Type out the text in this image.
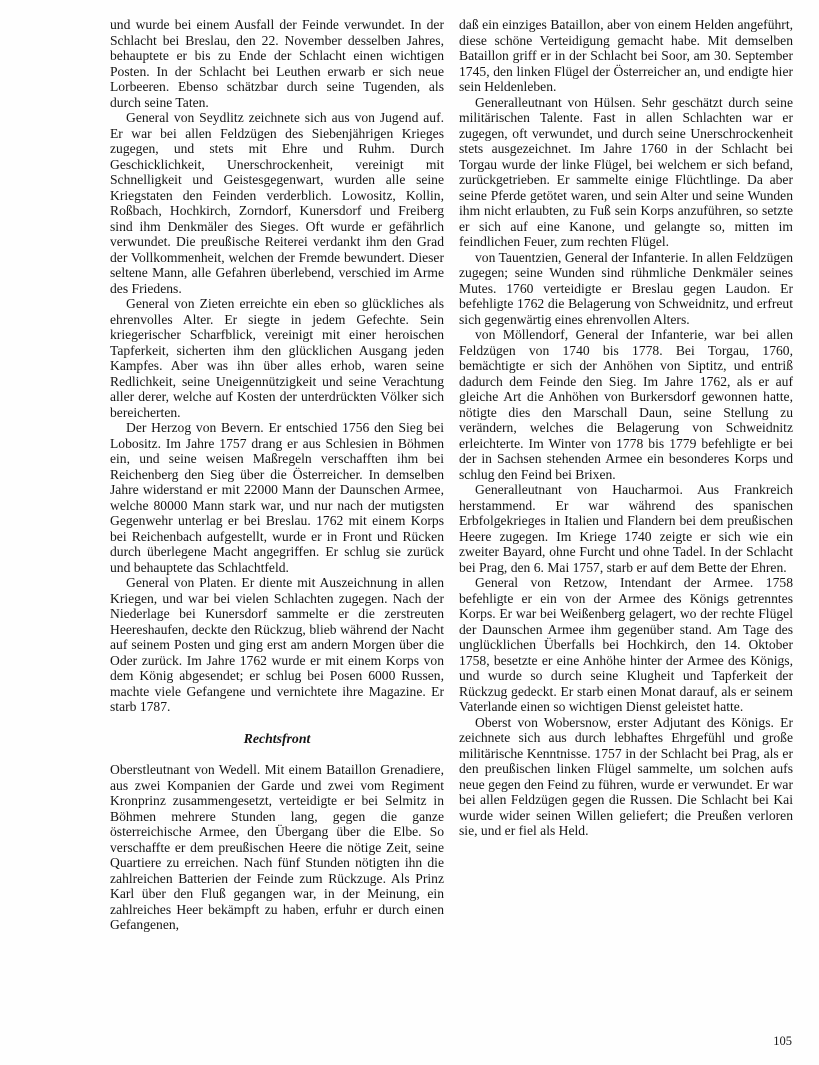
und wurde bei einem Ausfall der Feinde verwundet. In der Schlacht bei Breslau, den 22. November desselben Jahres, behauptete er bis zu Ende der Schlacht einen wichtigen Posten. In der Schlacht bei Leuthen erwarb er sich neue Lorbeeren. Ebenso schätzbar durch seine Tugenden, als durch seine Taten.

General von Seydlitz zeichnete sich aus von Jugend auf. Er war bei allen Feldzügen des Siebenjährigen Krieges zugegen, und stets mit Ehre und Ruhm. Durch Geschicklichkeit, Unerschrockenheit, vereinigt mit Schnelligkeit und Geistesgegenwart, wurden alle seine Kriegstaten den Feinden verderblich. Lowositz, Kollin, Roßbach, Hochkirch, Zorndorf, Kunersdorf und Freiberg sind ihm Denkmäler des Sieges. Oft wurde er gefährlich verwundet. Die preußische Reiterei verdankt ihm den Grad der Vollkommenheit, welchen der Fremde bewundert. Dieser seltene Mann, alle Gefahren überlebend, verschied im Arme des Friedens.

General von Zieten erreichte ein eben so glückliches als ehrenvolles Alter. Er siegte in jedem Gefechte. Sein kriegerischer Scharfblick, vereinigt mit einer heroischen Tapferkeit, sicherten ihm den glücklichen Ausgang jeden Kampfes. Aber was ihn über alles erhob, waren seine Redlichkeit, seine Uneigennützigkeit und seine Verachtung aller derer, welche auf Kosten der unterdrückten Völker sich bereicherten.

Der Herzog von Bevern. Er entschied 1756 den Sieg bei Lobositz. Im Jahre 1757 drang er aus Schlesien in Böhmen ein, und seine weisen Maßregeln verschafften ihm bei Reichenberg den Sieg über die Österreicher. In demselben Jahre widerstand er mit 22000 Mann der Daunschen Armee, welche 80000 Mann stark war, und nur nach der mutigsten Gegenwehr unterlag er bei Breslau. 1762 mit einem Korps bei Reichenbach aufgestellt, wurde er in Front und Rücken durch überlegene Macht angegriffen. Er schlug sie zurück und behauptete das Schlachtfeld.

General von Platen. Er diente mit Auszeichnung in allen Kriegen, und war bei vielen Schlachten zugegen. Nach der Niederlage bei Kunersdorf sammelte er die zerstreuten Heereshaufen, deckte den Rückzug, blieb während der Nacht auf seinem Posten und ging erst am andern Morgen über die Oder zurück. Im Jahre 1762 wurde er mit einem Korps von dem König abgesendet; er schlug bei Posen 6000 Russen, machte viele Gefangene und vernichtete ihre Magazine. Er starb 1787.

Rechtsfront

Oberstleutnant von Wedell. Mit einem Bataillon Grenadiere, aus zwei Kompanien der Garde und zwei vom Regiment Kronprinz zusammengesetzt, verteidigte er bei Selmitz in Böhmen mehrere Stunden lang, gegen die ganze österreichische Armee, den Übergang über die Elbe. So verschaffte er dem preußischen Heere die nötige Zeit, seine Quartiere zu erreichen. Nach fünf Stunden nötigten ihn die zahlreichen Batterien der Feinde zum Rückzuge. Als Prinz Karl über den Fluß gegangen war, in der Meinung, ein zahlreiches Heer bekämpft zu haben, erfuhr er durch einen Gefangenen,

daß ein einziges Bataillon, aber von einem Helden angeführt, diese schöne Verteidigung gemacht habe. Mit demselben Bataillon griff er in der Schlacht bei Soor, am 30. September 1745, den linken Flügel der Österreicher an, und endigte hier sein Heldenleben.

Generalleutnant von Hülsen. Sehr geschätzt durch seine militärischen Talente. Fast in allen Schlachten war er zugegen, oft verwundet, und durch seine Unerschrockenheit stets ausgezeichnet. Im Jahre 1760 in der Schlacht bei Torgau wurde der linke Flügel, bei welchem er sich befand, zurückgetrieben. Er sammelte einige Flüchtlinge. Da aber seine Pferde getötet waren, und sein Alter und seine Wunden ihm nicht erlaubten, zu Fuß sein Korps anzuführen, so setzte er sich auf eine Kanone, und gelangte so, mitten im feindlichen Feuer, zum rechten Flügel.

von Tauentzien, General der Infanterie. In allen Feldzügen zugegen; seine Wunden sind rühmliche Denkmäler seines Mutes. 1760 verteidigte er Breslau gegen Laudon. Er befehligte 1762 die Belagerung von Schweidnitz, und erfreut sich gegenwärtig eines ehrenvollen Alters.

von Möllendorf, General der Infanterie, war bei allen Feldzügen von 1740 bis 1778. Bei Torgau, 1760, bemächtigte er sich der Anhöhen von Siptitz, und entriß dadurch dem Feinde den Sieg. Im Jahre 1762, als er auf gleiche Art die Anhöhen von Burkersdorf gewonnen hatte, nötigte dies den Marschall Daun, seine Stellung zu verändern, welches die Belagerung von Schweidnitz erleichterte. Im Winter von 1778 bis 1779 befehligte er bei der in Sachsen stehenden Armee ein besonderes Korps und schlug den Feind bei Brixen.

Generalleutnant von Haucharmoi. Aus Frankreich herstammend. Er war während des spanischen Erbfolgekrieges in Italien und Flandern bei dem preußischen Heere zugegen. Im Kriege 1740 zeigte er sich wie ein zweiter Bayard, ohne Furcht und ohne Tadel. In der Schlacht bei Prag, den 6. Mai 1757, starb er auf dem Bette der Ehren.

General von Retzow, Intendant der Armee. 1758 befehligte er ein von der Armee des Königs getrenntes Korps. Er war bei Weißenberg gelagert, wo der rechte Flügel der Daunschen Armee ihm gegenüber stand. Am Tage des unglücklichen Überfalls bei Hochkirch, den 14. Oktober 1758, besetzte er eine Anhöhe hinter der Armee des Königs, und wurde so durch seine Klugheit und Tapferkeit der Rückzug gedeckt. Er starb einen Monat darauf, als er seinem Vaterlande einen so wichtigen Dienst geleistet hatte.

Oberst von Wobersnow, erster Adjutant des Königs. Er zeichnete sich aus durch lebhaftes Ehrgefühl und große militärische Kenntnisse. 1757 in der Schlacht bei Prag, als er den preußischen linken Flügel sammelte, um solchen aufs neue gegen den Feind zu führen, wurde er verwundet. Er war bei allen Feldzügen gegen die Russen. Die Schlacht bei Kai wurde wider seinen Willen geliefert; die Preußen verloren sie, und er fiel als Held.

105
